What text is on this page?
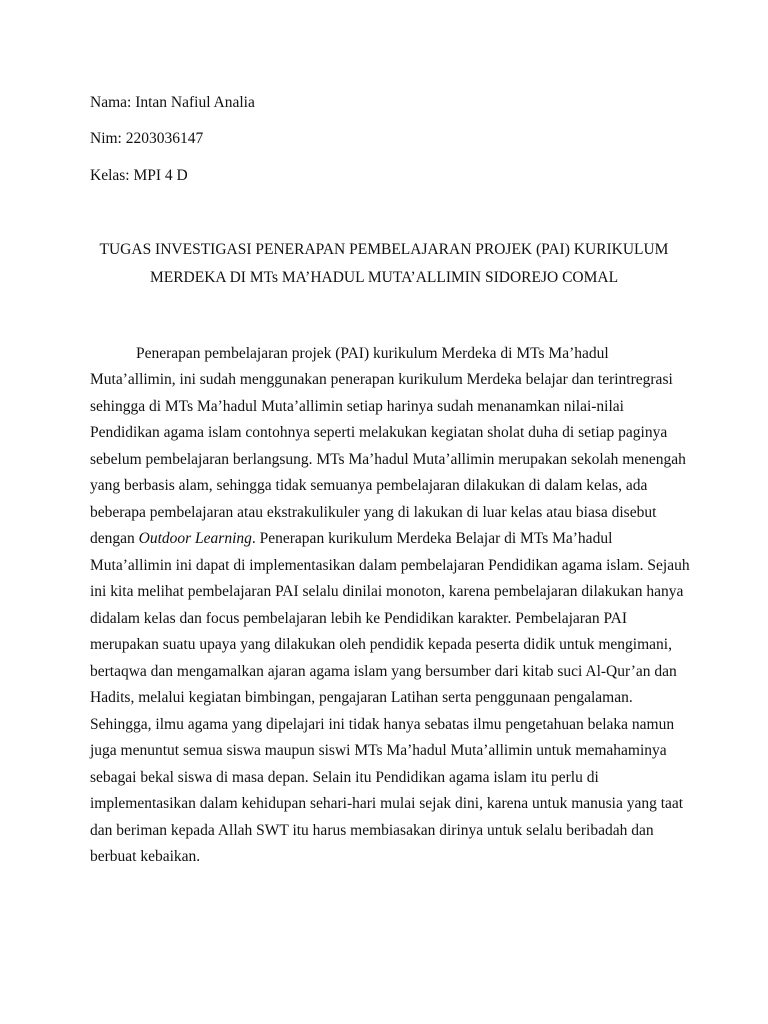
Nama: Intan Nafiul Analia
Nim: 2203036147
Kelas: MPI 4 D
TUGAS INVESTIGASI PENERAPAN PEMBELAJARAN PROJEK (PAI) KURIKULUM
MERDEKA DI MTs MA’HADUL MUTA’ALLIMIN SIDOREJO COMAL
Penerapan pembelajaran projek (PAI) kurikulum Merdeka di MTs Ma’hadul
Muta’allimin, ini sudah menggunakan penerapan kurikulum Merdeka belajar dan terintregrasi
sehingga di MTs Ma’hadul Muta’allimin setiap harinya sudah menanamkan nilai-nilai
Pendidikan agama islam contohnya seperti melakukan kegiatan sholat duha di setiap paginya
sebelum pembelajaran berlangsung. MTs Ma’hadul Muta’allimin merupakan sekolah menengah
yang berbasis alam, sehingga tidak semuanya pembelajaran dilakukan di dalam kelas, ada
beberapa pembelajaran atau ekstrakulikuler yang di lakukan di luar kelas atau biasa disebut
dengan Outdoor Learning. Penerapan kurikulum Merdeka Belajar di MTs Ma’hadul
Muta’allimin ini dapat di implementasikan dalam pembelajaran Pendidikan agama islam. Sejauh
ini kita melihat pembelajaran PAI selalu dinilai monoton, karena pembelajaran dilakukan hanya
didalam kelas dan focus pembelajaran lebih ke Pendidikan karakter. Pembelajaran PAI
merupakan suatu upaya yang dilakukan oleh pendidik kepada peserta didik untuk mengimani,
bertaqwa dan mengamalkan ajaran agama islam yang bersumber dari kitab suci Al-Qur’an dan
Hadits, melalui kegiatan bimbingan, pengajaran Latihan serta penggunaan pengalaman.
Sehingga, ilmu agama yang dipelajari ini tidak hanya sebatas ilmu pengetahuan belaka namun
juga menuntut semua siswa maupun siswi MTs Ma’hadul Muta’allimin untuk memahaminya
sebagai bekal siswa di masa depan. Selain itu Pendidikan agama islam itu perlu di
implementasikan dalam kehidupan sehari-hari mulai sejak dini, karena untuk manusia yang taat
dan beriman kepada Allah SWT itu harus membiasakan dirinya untuk selalu beribadah dan
berbuat kebaikan.
